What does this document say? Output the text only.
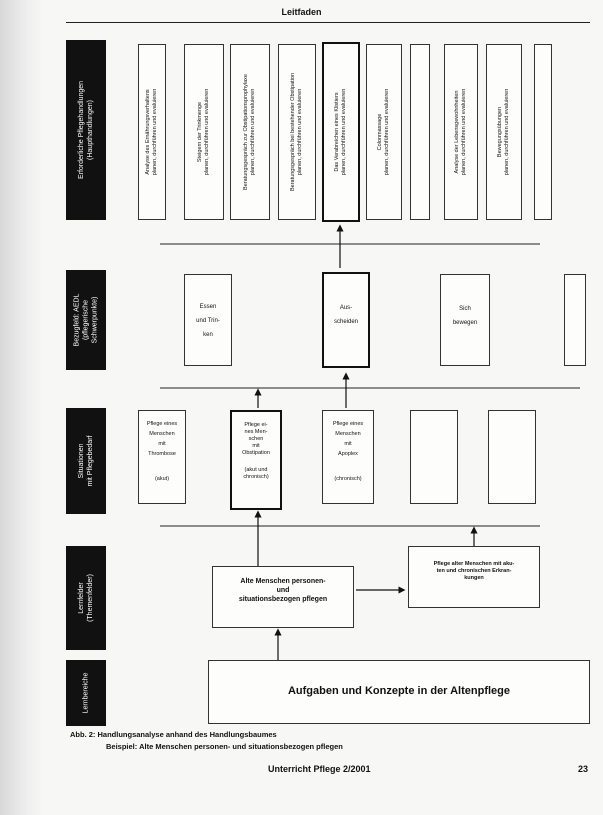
Leitfaden
Erforderliche Pflegehandlungen
(Haupthandlungen)
Bezugfeld: AEDL
(pflegerische
Schwerpunkte)
Situationen
mit Pflegebedarf
Lernfelder
(Themenfelder)
Lernbereiche
Analyse des Ernährungsverhaltens
planen, durchführen und evaluieren
Steigern der Trinkmenge
planen, durchführen und evaluieren
Beratungsgespräch zur Obstipationsprophylaxe
planen, durchführen und evaluieren
Beratungsgespräch bei bestehender Obstipation
planen, durchführen und evaluieren
Das Verabreichen eines Klistiers
planen, durchführen und evaluieren
Colonmassage
planen, durchführen und evaluieren
Analyse der Lebensgewohnheiten
planen, durchführen und evaluieren
Bewegungsübungen
planen, durchführen und evaluieren
Essen
und Trin-
ken
Aus-
scheiden
Sich
bewegen
Pflege eines
Menschen
mit
Thrombose
(akut)
Pflege ei-
nes Men-
schen
mit
Obstipation
(akut und
chronisch)
Pflege eines
Menschen
mit
Apoplex
(chronisch)
Alte Menschen personen-
und
situationsbezogen pflegen
Pflege alter Menschen mit aku-
ten und chronischen Erkran-
kungen
Aufgaben und Konzepte in der Altenpflege
Abb. 2: Handlungsanalyse anhand des Handlungsbaumes
Beispiel: Alte Menschen personen- und situationsbezogen pflegen
Unterricht Pflege 2/2001	23
